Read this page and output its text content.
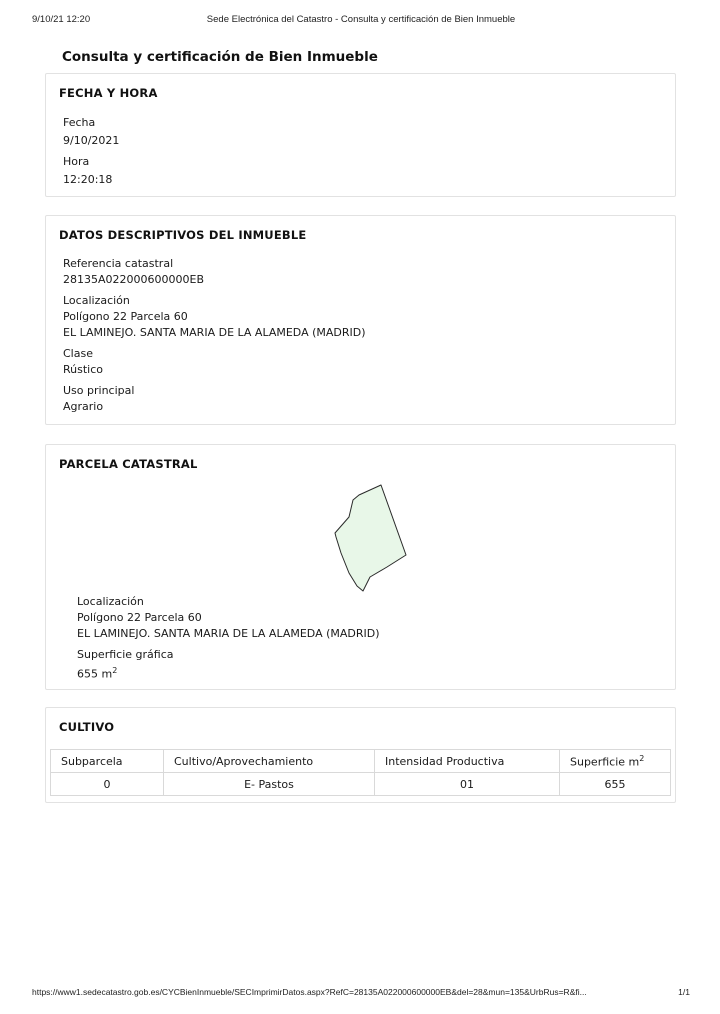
9/10/21 12:20	Sede Electrónica del Catastro - Consulta y certificación de Bien Inmueble
Consulta y certificación de Bien Inmueble
FECHA Y HORA
Fecha
9/10/2021
Hora
12:20:18
DATOS DESCRIPTIVOS DEL INMUEBLE
Referencia catastral
28135A022000600000EB
Localización
Polígono 22 Parcela 60
EL LAMINEJO. SANTA MARIA DE LA ALAMEDA (MADRID)
Clase
Rústico
Uso principal
Agrario
PARCELA CATASTRAL
Localización
Polígono 22 Parcela 60
EL LAMINEJO. SANTA MARIA DE LA ALAMEDA (MADRID)
Superficie gráfica
655 $m^2$
CULTIVO
Subparcela	Cultivo/Aprovechamiento	Intensidad Productiva	Superficie $m^2$
0	E- Pastos	01	655
https://www1.sedecatastro.gob.es/CYCBienInmueble/SECImprimirDatos.aspx?RefC=28135A022000600000EB&del=28&mun=135&UrbRus=R&fi...	1/1
